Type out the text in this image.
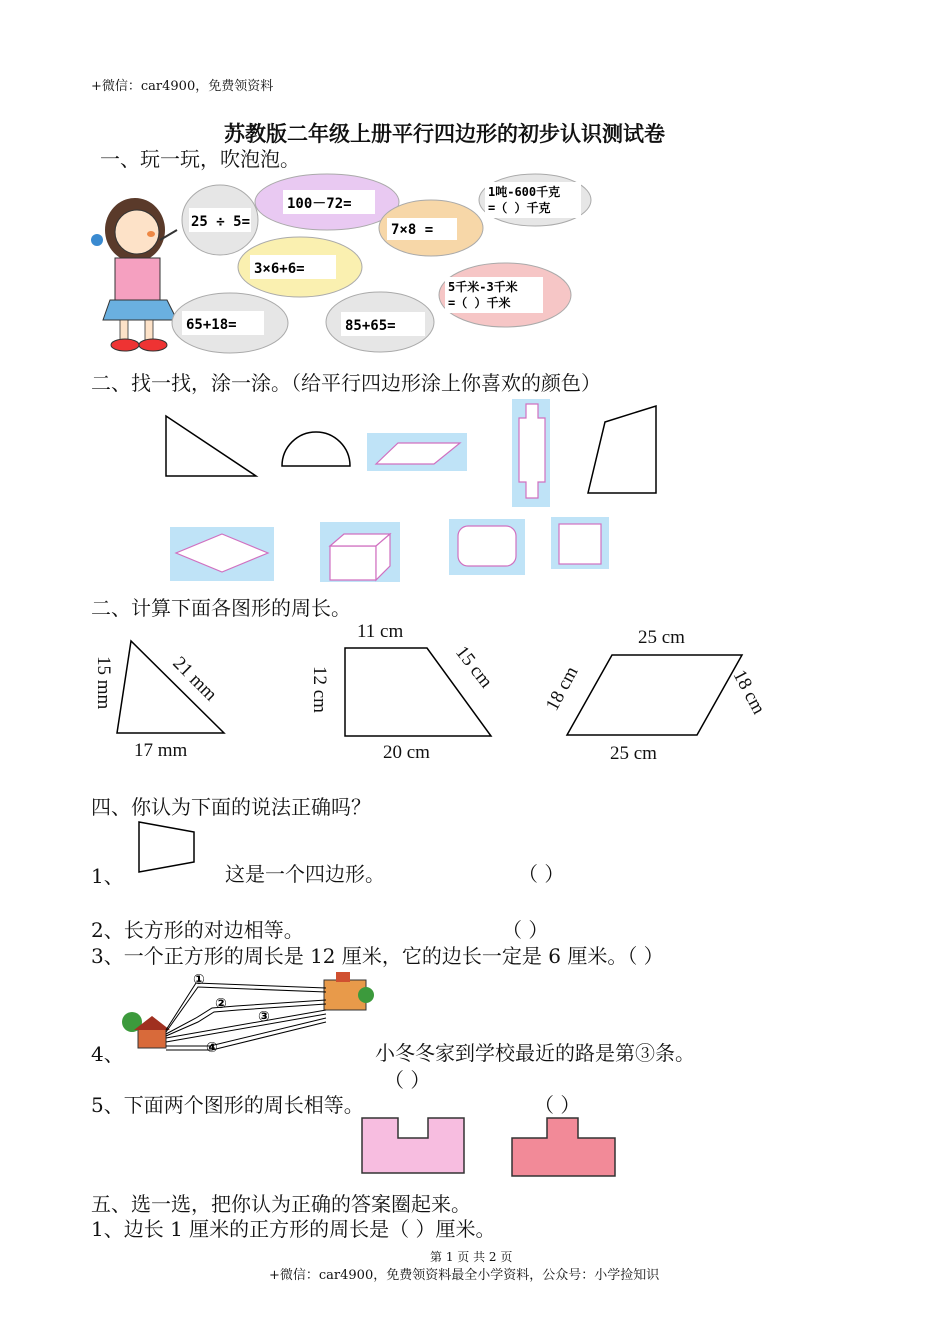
+微信：car4900，免费领资料
苏教版二年级上册平行四边形的初步认识测试卷
一、玩一玩，吹泡泡。
25 ÷ 5=
100－72=
7×8 =
1吨-600千克
=（ ）千克
3×6+6=
5千米-3千米
=（ ）千米
65+18=	85+65=
二、找一找，涂一涂。（给平行四边形涂上你喜欢的颜色）
二、计算下面各图形的周长。
15 mm	21 mm
17 mm
11 cm
12 cm	15 cm
20 cm
25 cm
18 cm	18 cm
25 cm
四、你认为下面的说法正确吗？
1、	这是一个四边形。	（ ）
2、长方形的对边相等。	（ ）
3、一个正方形的周长是 12 厘米，它的边长一定是 6 厘米。（ ）
①
②
③
④
4、	小冬冬家到学校最近的路是第③条。
（ ）
5、下面两个图形的周长相等。	（ ）
五、选一选，把你认为正确的答案圈起来。
1、边长 1 厘米的正方形的周长是（ ）厘米。
第 1 页 共 2 页
+微信：car4900，免费领资料最全小学资料，公众号：小学捡知识
